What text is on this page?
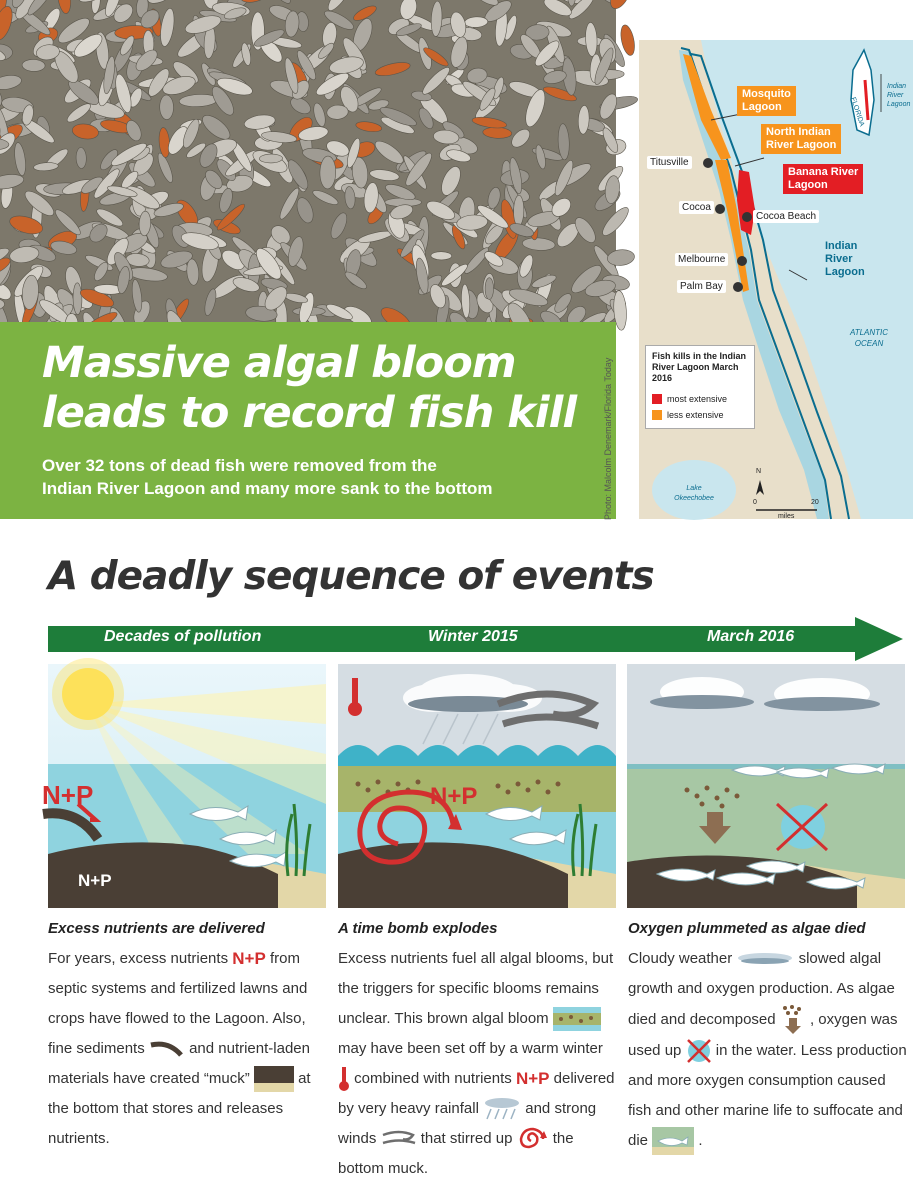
Massive algal bloom
leads to record fish kill
Over 32 tons of dead fish were removed from the
Indian River Lagoon and many more sank to the bottom	Photo: Malcolm Denemark/Florida Today	N
0	20
miles
ATLANTIC
OCEAN
Lake
Okeechobee
FLORIDA
Indian
River
Lagoon
Mosquito
Lagoon
North Indian
River Lagoon
Banana River
Lagoon
Indian
River
Lagoon
Titusville
Cocoa
Cocoa Beach
Melbourne
Palm Bay
Fish kills in the Indian River Lagoon March 2016
most extensive
less extensive
A deadly sequence of events
Decades of pollution	Winter 2015	March 2016
N+P
N+P
N+P
Excess nutrients are delivered	A time bomb explodes	Oxygen plummeted as algae died
For years, excess nutrients N+P from septic systems and fertilized lawns and crops have flowed to the Lagoon. Also, fine sediments	and nutrient-laden materials have created “muck”	at the bottom that stores and releases nutrients.
Excess nutrients fuel all algal blooms, but the triggers for specific blooms remains unclear. This brown algal bloom  may have been set off by a warm winter  combined with nutrients N+P delivered by very heavy rainfall	and strong winds	that stirred up	the bottom muck.
Cloudy weather	slowed algal growth and oxygen production. As algae died and decomposed , oxygen was used up in the water. Less production and more oxygen consumption caused fish and other marine life to suffocate and die	.
